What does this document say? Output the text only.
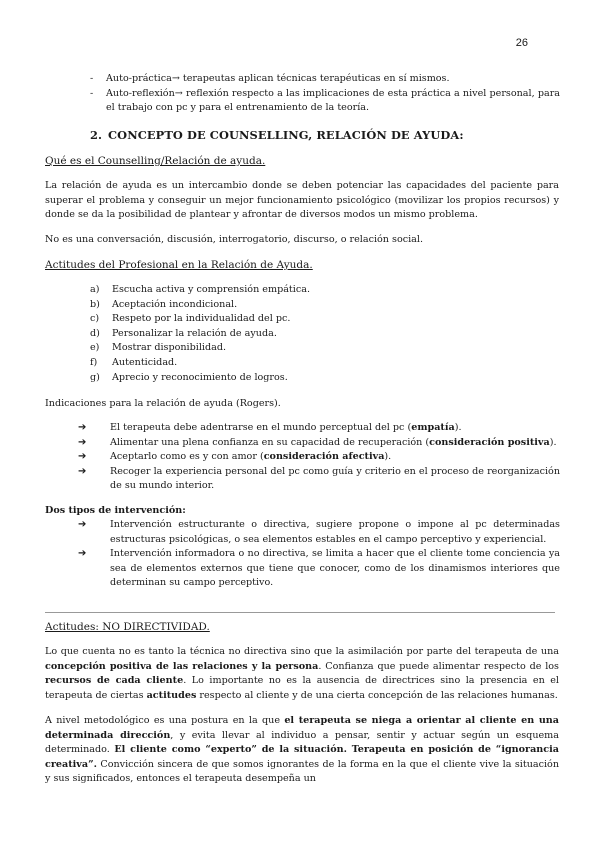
26
- Auto-práctica→ terapeutas aplican técnicas terapéuticas en sí mismos.
- Auto-reflexión→ reflexión respecto a las implicaciones de esta práctica a nivel personal, para el trabajo con pc y para el entrenamiento de la teoría.
2. CONCEPTO DE COUNSELLING, RELACIÓN DE AYUDA:
Qué es el Counselling/Relación de ayuda.
La relación de ayuda es un intercambio donde se deben potenciar las capacidades del paciente para superar el problema y conseguir un mejor funcionamiento psicológico (movilizar los propios recursos) y donde se da la posibilidad de plantear y afrontar de diversos modos un mismo problema.
No es una conversación, discusión, interrogatorio, discurso, o relación social.
Actitudes del Profesional en la Relación de Ayuda.
a) Escucha activa y comprensión empática.
b) Aceptación incondicional.
c) Respeto por la individualidad del pc.
d) Personalizar la relación de ayuda.
e) Mostrar disponibilidad.
f) Autenticidad.
g) Aprecio y reconocimiento de logros.
Indicaciones para la relación de ayuda (Rogers).
➔ El terapeuta debe adentrarse en el mundo perceptual del pc (empatía).
➔ Alimentar una plena confianza en su capacidad de recuperación (consideración positiva).
➔ Aceptarlo como es y con amor (consideración afectiva).
➔ Recoger la experiencia personal del pc como guía y criterio en el proceso de reorganización de su mundo interior.
Dos tipos de intervención:
➔ Intervención estructurante o directiva, sugiere propone o impone al pc determinadas estructuras psicológicas, o sea elementos estables en el campo perceptivo y experiencial.
➔ Intervención informadora o no directiva, se limita a hacer que el cliente tome conciencia ya sea de elementos externos que tiene que conocer, como de los dinamismos interiores que determinan su campo perceptivo.
Actitudes: NO DIRECTIVIDAD.
Lo que cuenta no es tanto la técnica no directiva sino que la asimilación por parte del terapeuta de una concepción positiva de las relaciones y la persona. Confianza que puede alimentar respecto de los recursos de cada cliente. Lo importante no es la ausencia de directrices sino la presencia en el terapeuta de ciertas actitudes respecto al cliente y de una cierta concepción de las relaciones humanas.
A nivel metodológico es una postura en la que el terapeuta se niega a orientar al cliente en una determinada dirección, y evita llevar al individuo a pensar, sentir y actuar según un esquema determinado. El cliente como “experto” de la situación. Terapeuta en posición de “ignorancia creativa”. Convicción sincera de que somos ignorantes de la forma en la que el cliente vive la situación y sus significados, entonces el terapeuta desempeña un
